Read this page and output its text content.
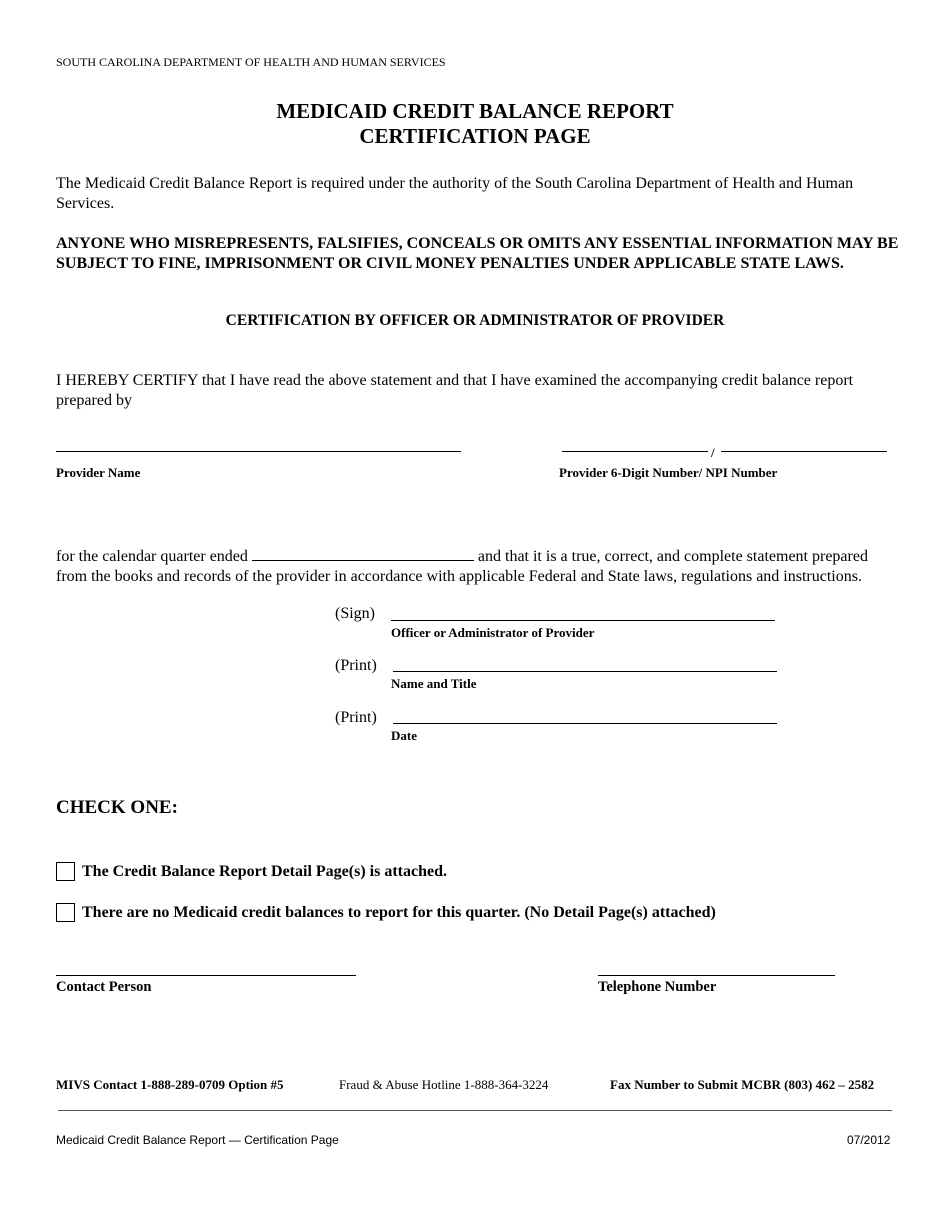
SOUTH CAROLINA DEPARTMENT OF HEALTH AND HUMAN SERVICES
MEDICAID CREDIT BALANCE REPORT
CERTIFICATION PAGE
The Medicaid Credit Balance Report is required under the authority of the South Carolina Department of Health and Human Services.
ANYONE WHO MISREPRESENTS, FALSIFIES, CONCEALS OR OMITS ANY ESSENTIAL INFORMATION MAY BE SUBJECT TO FINE, IMPRISONMENT OR CIVIL MONEY PENALTIES UNDER APPLICABLE STATE LAWS.
CERTIFICATION BY OFFICER OR ADMINISTRATOR OF PROVIDER
I HEREBY CERTIFY that I have read the above statement and that I have examined the accompanying credit balance report prepared by
Provider Name
/
Provider 6-Digit Number/ NPI Number
for the calendar quarter ended	and that it is a true, correct, and complete statement prepared from the books and records of the provider in accordance with applicable Federal and State laws, regulations and instructions.
(Sign)
Officer or Administrator of Provider
(Print)
Name and Title
(Print)
Date
CHECK ONE:
The Credit Balance Report Detail Page(s) is attached.
There are no Medicaid credit balances to report for this quarter. (No Detail Page(s) attached)
Contact Person	Telephone Number
MIVS Contact 1-888-289-0709 Option #5	Fraud & Abuse Hotline 1-888-364-3224	Fax Number to Submit MCBR (803) 462 – 2582
Medicaid Credit Balance Report — Certification Page	07/2012
